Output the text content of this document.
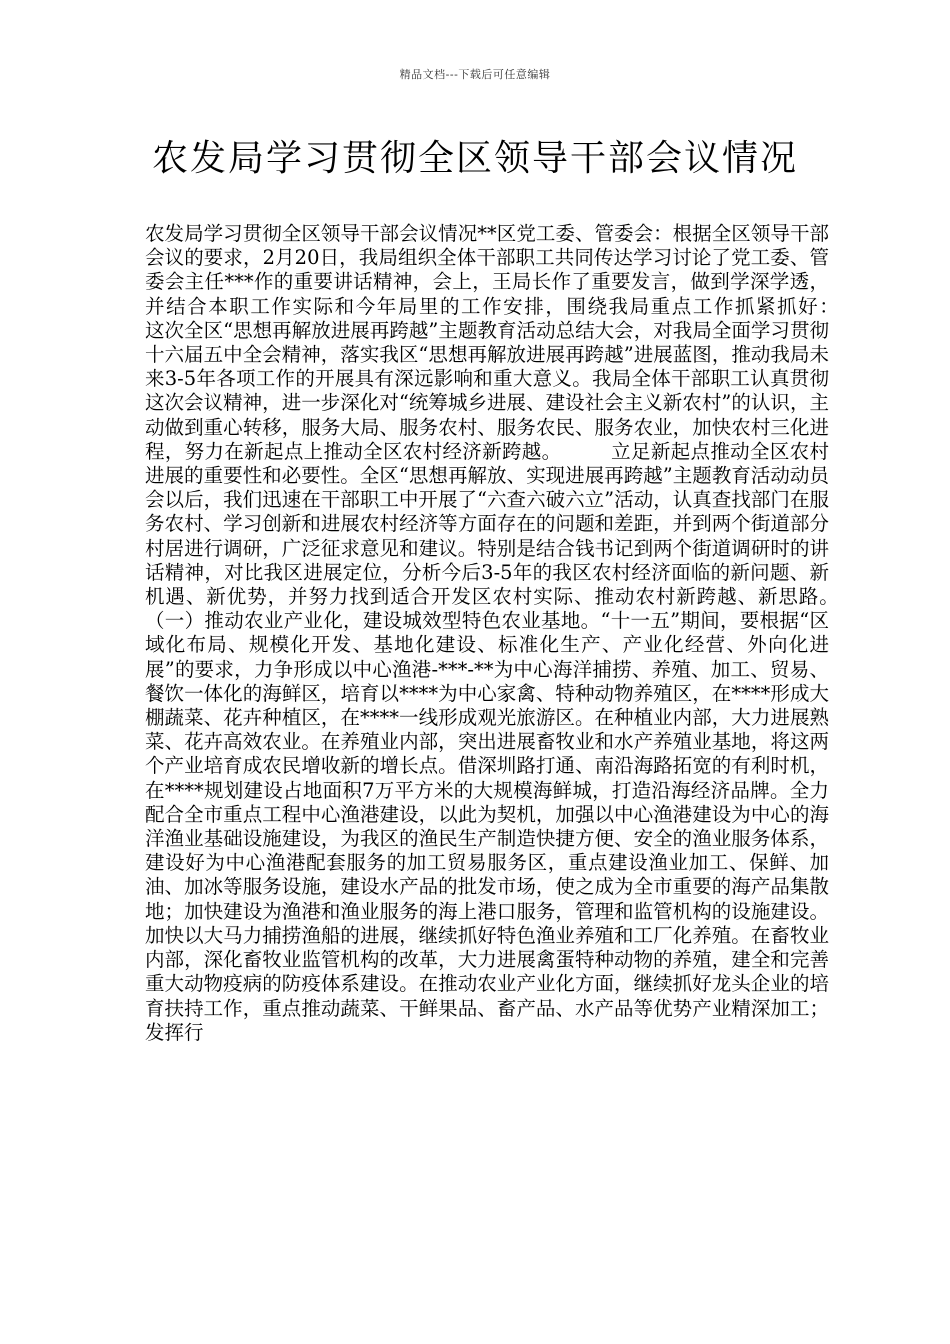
精品文档---下载后可任意编辑
农发局学习贯彻全区领导干部会议情况

农发局学习贯彻全区领导干部会议情况**区党工委、管委会：根据全区领导干部会议的要求，2月20日，我局组织全体干部职工共同传达学习讨论了党工委、管委会主任***作的重要讲话精神，会上，王局长作了重要发言，做到学深学透，并结合本职工作实际和今年局里的工作安排，围绕我局重点工作抓紧抓好：　　　这次全区“思想再解放进展再跨越”主题教育活动总结大会，对我局全面学习贯彻十六届五中全会精神，落实我区“思想再解放进展再跨越”进展蓝图，推动我局未来3-5年各项工作的开展具有深远影响和重大意义。我局全体干部职工认真贯彻这次会议精神，进一步深化对“统筹城乡进展、建设社会主义新农村”的认识，主动做到重心转移，服务大局、服务农村、服务农民、服务农业，加快农村三化进程，努力在新起点上推动全区农村经济新跨越。　　　立足新起点推动全区农村进展的重要性和必要性。全区“思想再解放、实现进展再跨越”主题教育活动动员会以后，我们迅速在干部职工中开展了“六查六破六立”活动，认真查找部门在服务农村、学习创新和进展农村经济等方面存在的问题和差距，并到两个街道部分村居进行调研，广泛征求意见和建议。特别是结合钱书记到两个街道调研时的讲话精神，对比我区进展定位，分析今后3-5年的我区农村经济面临的新问题、新机遇、新优势，并努力找到适合开发区农村实际、推动农村新跨越、新思路。　　　（一）推动农业产业化，建设城效型特色农业基地。“十一五”期间，要根据“区域化布局、规模化开发、基地化建设、标准化生产、产业化经营、外向化进展”的要求，力争形成以中心渔港-***-**为中心海洋捕捞、养殖、加工、贸易、餐饮一体化的海鲜区，培育以****为中心家禽、特种动物养殖区，在****形成大棚蔬菜、花卉种植区，在****一线形成观光旅游区。在种植业内部，大力进展熟菜、花卉高效农业。在养殖业内部，突出进展畜牧业和水产养殖业基地，将这两个产业培育成农民增收新的增长点。借深圳路打通、南沿海路拓宽的有利时机，在****规划建设占地面积7万平方米的大规模海鲜城，打造沿海经济品牌。全力配合全市重点工程中心渔港建设，以此为契机，加强以中心渔港建设为中心的海洋渔业基础设施建设，为我区的渔民生产制造快捷方便、安全的渔业服务体系，建设好为中心渔港配套服务的加工贸易服务区，重点建设渔业加工、保鲜、加油、加冰等服务设施，建设水产品的批发市场，使之成为全市重要的海产品集散地；加快建设为渔港和渔业服务的海上港口服务，管理和监管机构的设施建设。加快以大马力捕捞渔船的进展，继续抓好特色渔业养殖和工厂化养殖。在畜牧业内部，深化畜牧业监管机构的改革，大力进展禽蛋特种动物的养殖，建全和完善重大动物疫病的防疫体系建设。在推动农业产业化方面，继续抓好龙头企业的培育扶持工作，重点推动蔬菜、干鲜果品、畜产品、水产品等优势产业精深加工；发挥行
